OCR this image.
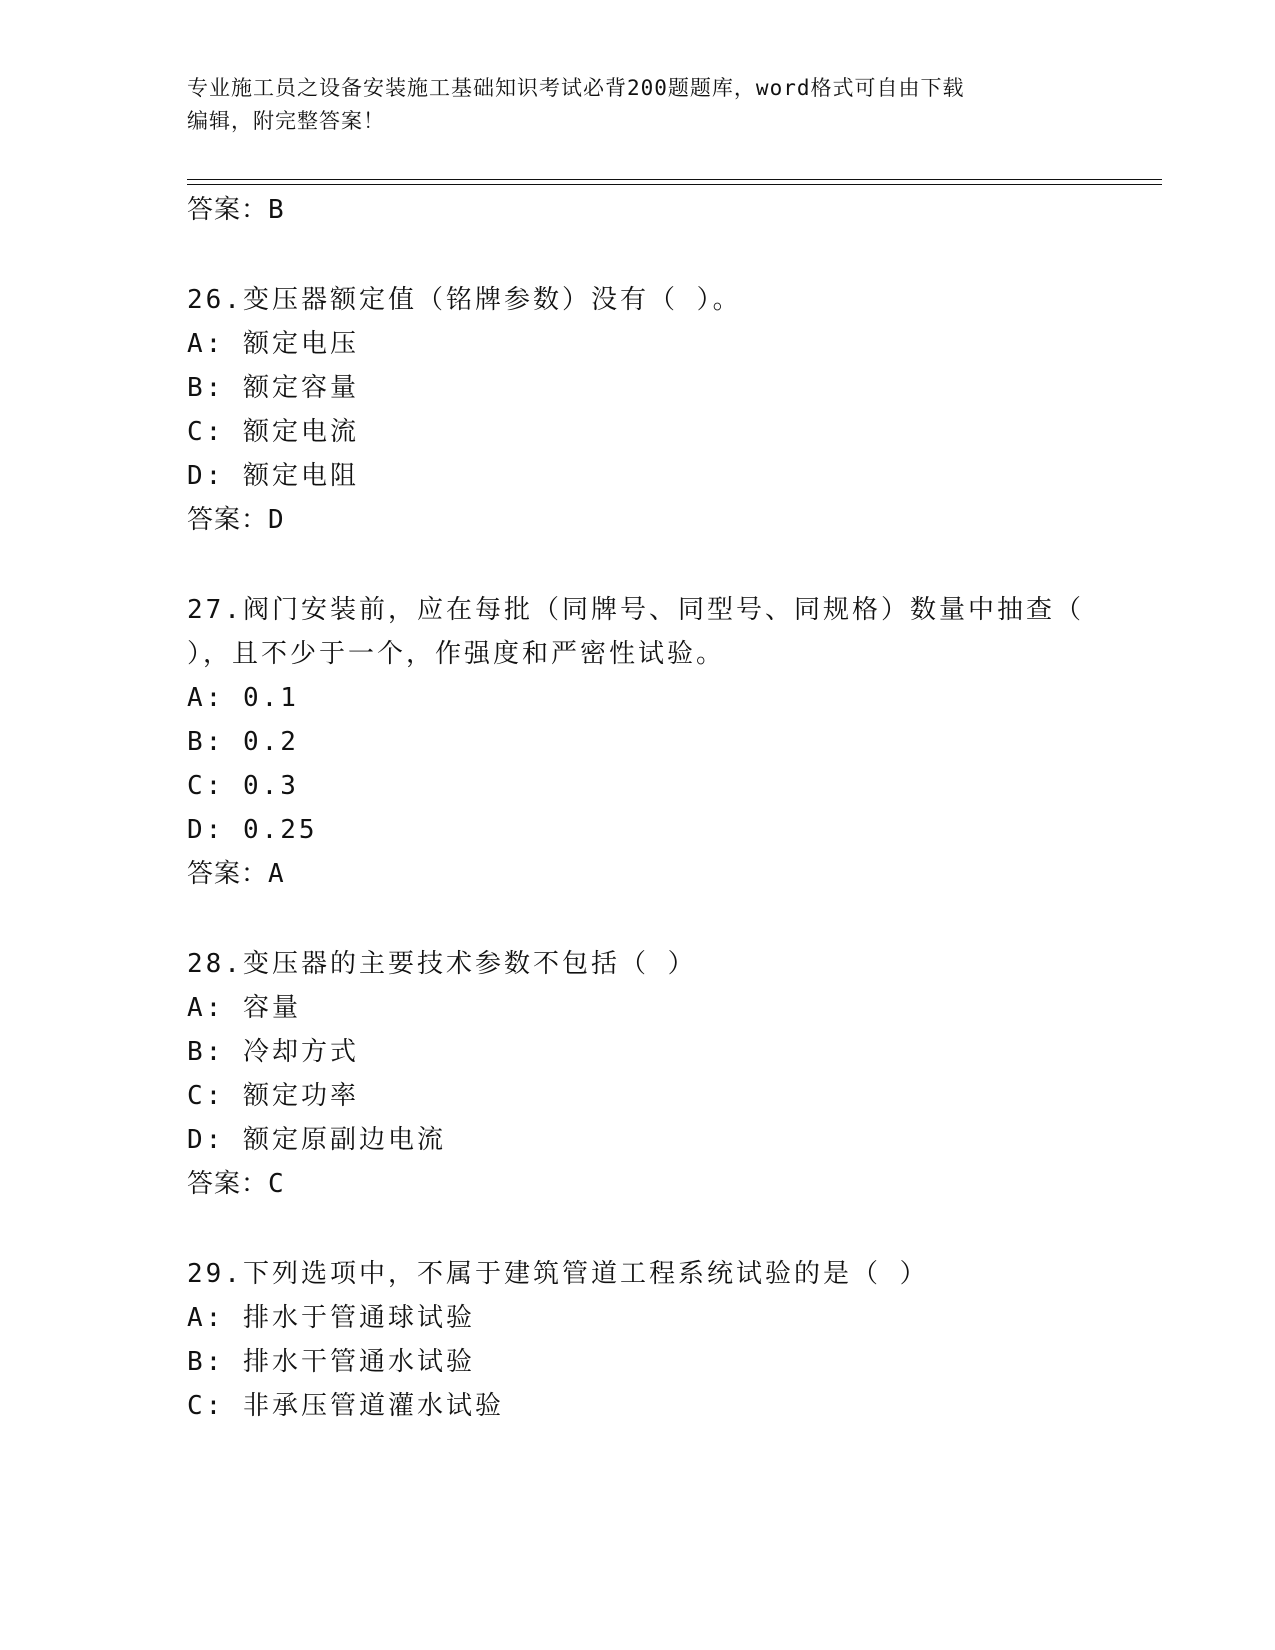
专业施工员之设备安装施工基础知识考试必背200题题库，word格式可自由下载
编辑，附完整答案！
答案：B
26.变压器额定值（铭牌参数）没有（ ）。
A: 额定电压
B: 额定容量
C: 额定电流
D: 额定电阻
答案：D
27.阀门安装前，应在每批（同牌号、同型号、同规格）数量中抽查（
），且不少于一个，作强度和严密性试验。
A: 0.1
B: 0.2
C: 0.3
D: 0.25
答案：A
28.变压器的主要技术参数不包括（ ）
A: 容量
B: 冷却方式
C: 额定功率
D: 额定原副边电流
答案：C
29.下列选项中，不属于建筑管道工程系统试验的是（ ）
A: 排水于管通球试验
B: 排水干管通水试验
C: 非承压管道灌水试验
